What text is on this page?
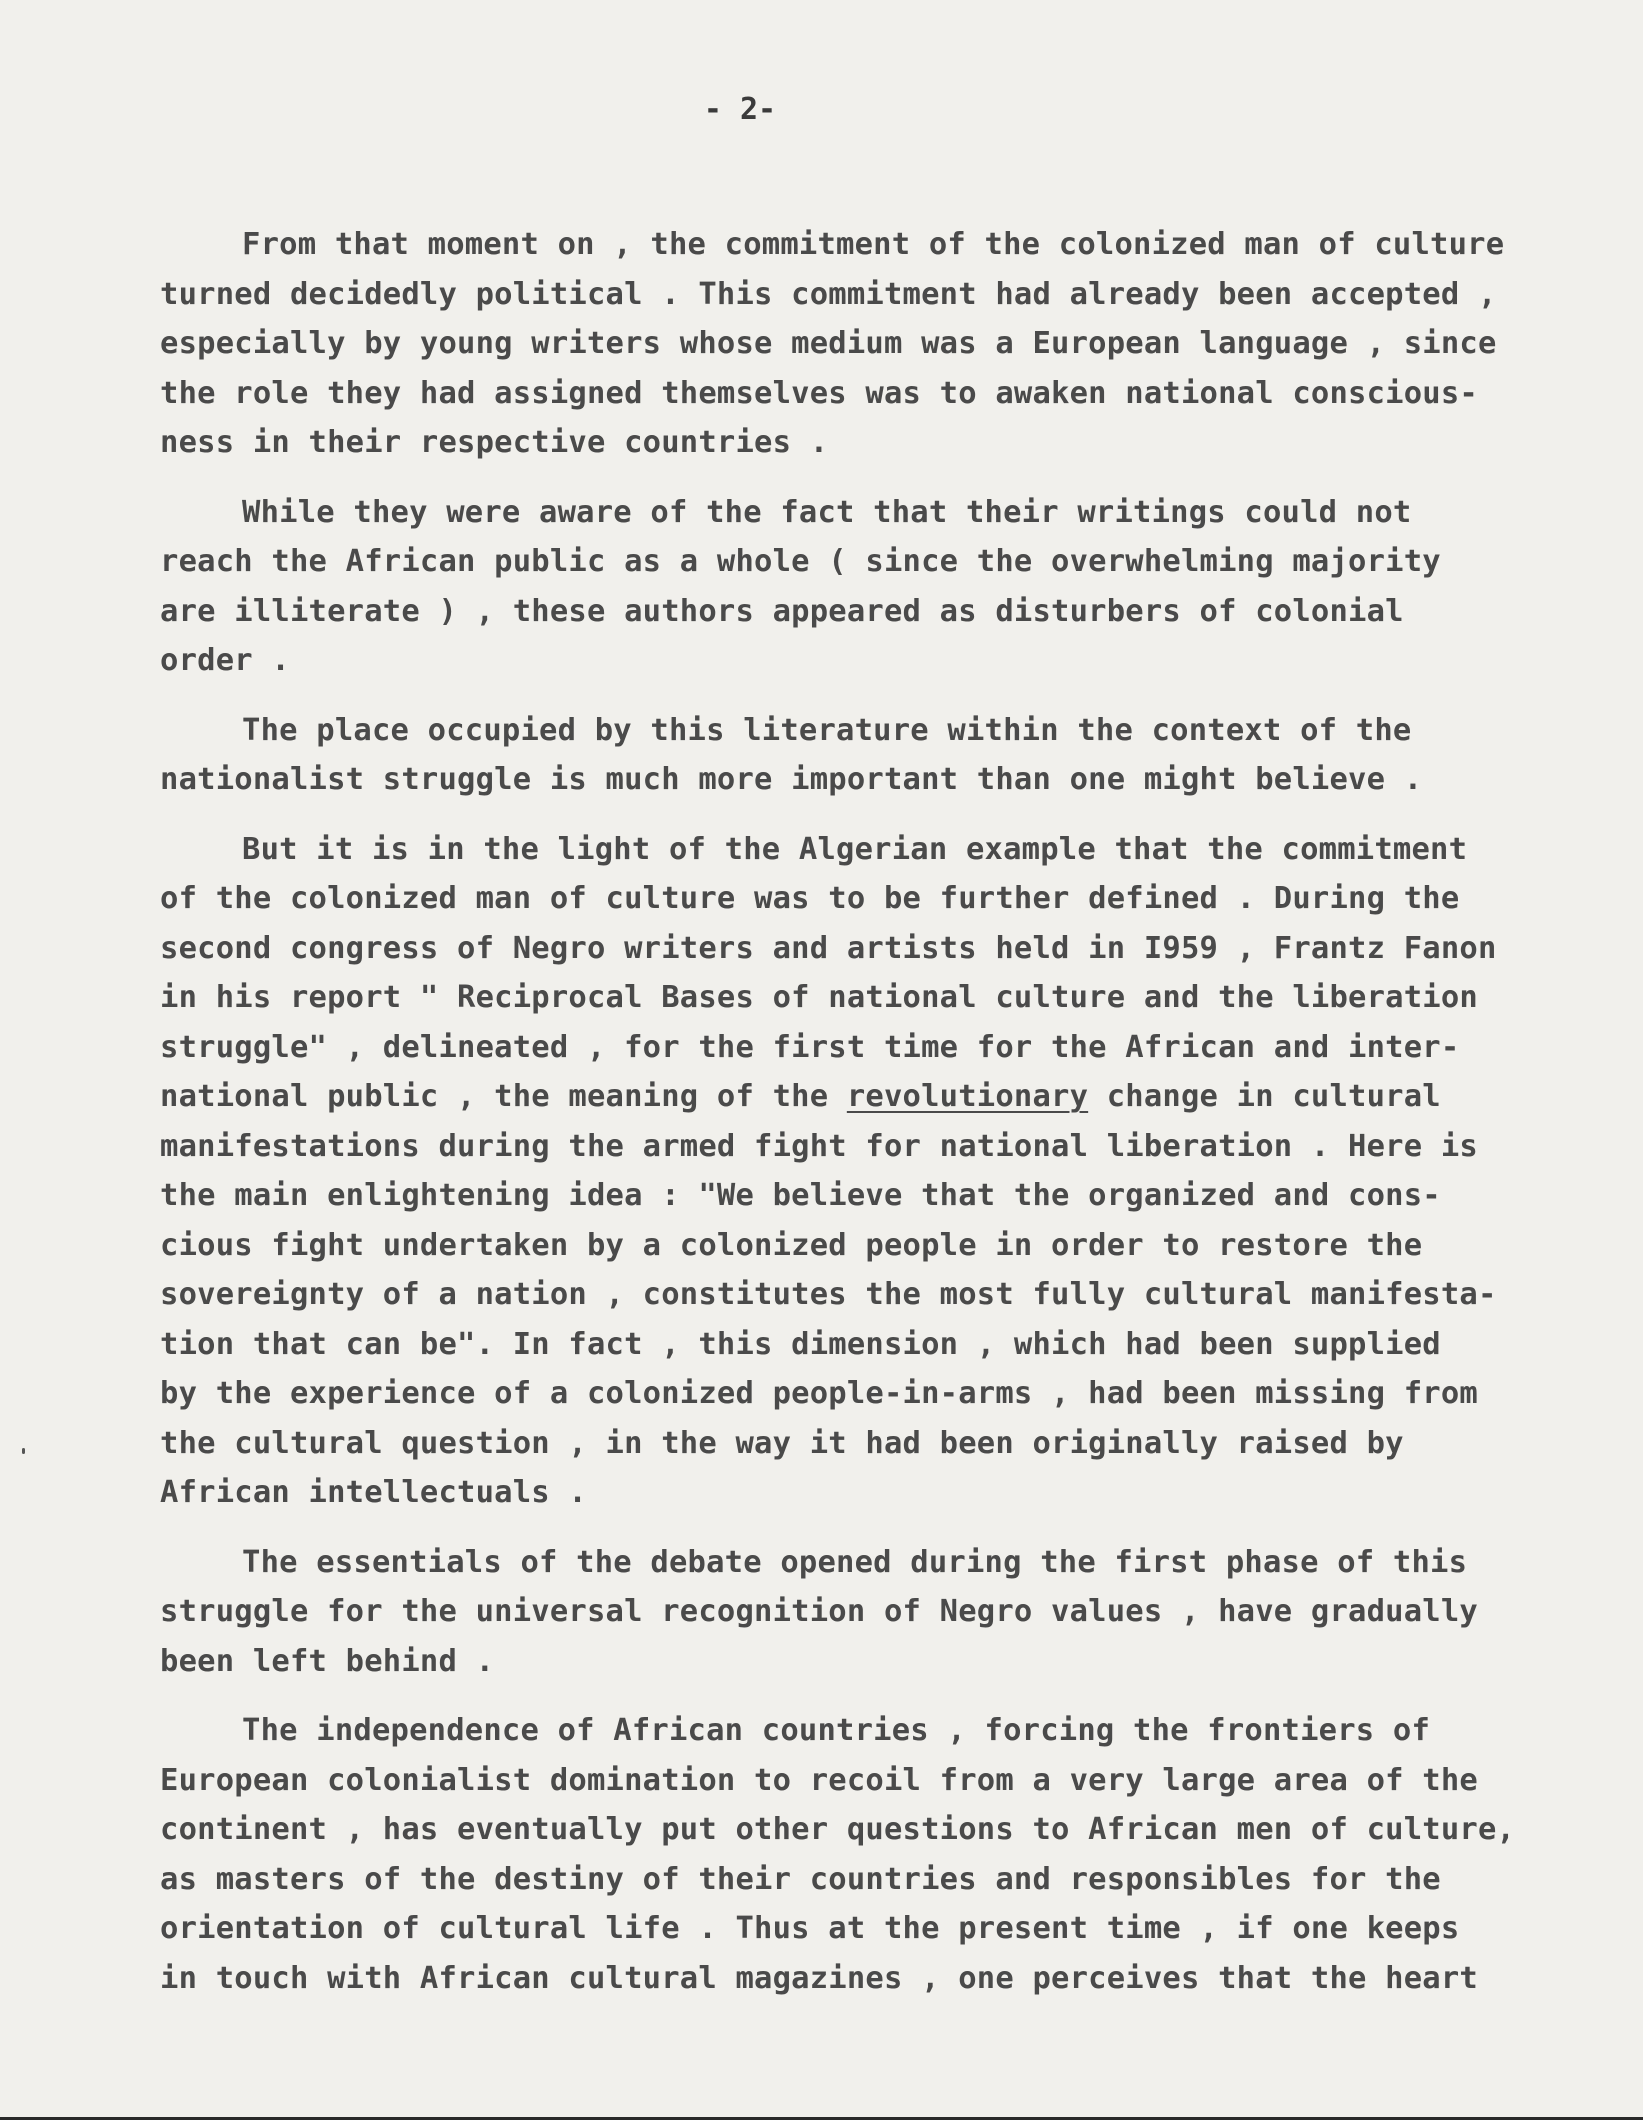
- 2-
From that moment on , the commitment of the colonized man of culture
turned decidedly political . This commitment had already been accepted ,
especially by young writers whose medium was a European language , since
the role they had assigned themselves was to awaken national conscious-
ness in their respective countries .
While they were aware of the fact that their writings could not
reach the African public as a whole ( since the overwhelming majority
are illiterate ) , these authors appeared as disturbers of colonial
order .
The place occupied by this literature within the context of the
nationalist struggle is much more important than one might believe .
But it is in the light of the Algerian example that the commitment
of the colonized man of culture was to be further defined . During the
second congress of Negro writers and artists held in I959 , Frantz Fanon
in his report " Reciprocal Bases of national culture and the liberation
struggle" , delineated , for the first time for the African and inter-
national public , the meaning of the revolutionary change in cultural
manifestations during the armed fight for national liberation . Here is
the main enlightening idea : "We believe that the organized and cons-
cious fight undertaken by a colonized people in order to restore the
sovereignty of a nation , constitutes the most fully cultural manifesta-
tion that can be". In fact , this dimension , which had been supplied
by the experience of a colonized people-in-arms , had been missing from
the cultural question , in the way it had been originally raised by
African intellectuals .
The essentials of the debate opened during the first phase of this
struggle for the universal recognition of Negro values , have gradually
been left behind .
The independence of African countries , forcing the frontiers of
European colonialist domination to recoil from a very large area of the
continent , has eventually put other questions to African men of culture,
as masters of the destiny of their countries and responsibles for the
orientation of cultural life . Thus at the present time , if one keeps
in touch with African cultural magazines , one perceives that the heart
